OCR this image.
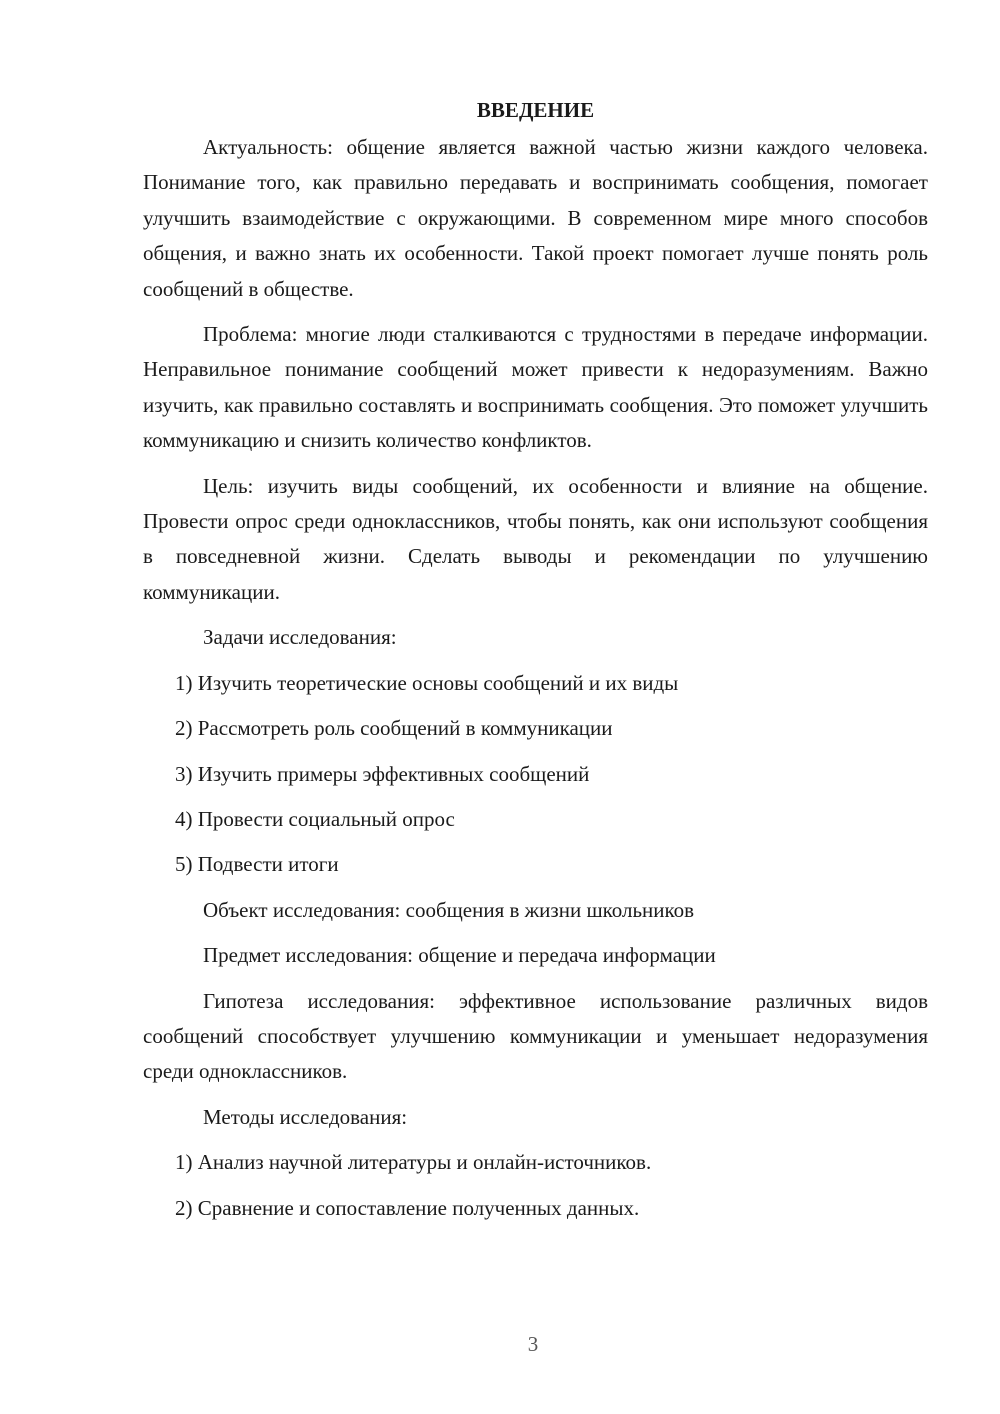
ВВЕДЕНИЕ

Актуальность: общение является важной частью жизни каждого человека. Понимание того, как правильно передавать и воспринимать сообщения, помогает улучшить взаимодействие с окружающими. В современном мире много способов общения, и важно знать их особенности. Такой проект помогает лучше понять роль сообщений в обществе.

Проблема: многие люди сталкиваются с трудностями в передаче информации. Неправильное понимание сообщений может привести к недоразумениям. Важно изучить, как правильно составлять и воспринимать сообщения. Это поможет улучшить коммуникацию и снизить количество конфликтов.

Цель: изучить виды сообщений, их особенности и влияние на общение. Провести опрос среди одноклассников, чтобы понять, как они используют сообщения в повседневной жизни. Сделать выводы и рекомендации по улучшению коммуникации.

Задачи исследования:
1) Изучить теоретические основы сообщений и их виды
2) Рассмотреть роль сообщений в коммуникации
3) Изучить примеры эффективных сообщений
4) Провести социальный опрос
5) Подвести итоги
Объект исследования: сообщения в жизни школьников
Предмет исследования: общение и передача информации

Гипотеза исследования: эффективное использование различных видов сообщений способствует улучшению коммуникации и уменьшает недоразумения среди одноклассников.

Методы исследования:
1) Анализ научной литературы и онлайн-источников.
2) Сравнение и сопоставление полученных данных.
3
